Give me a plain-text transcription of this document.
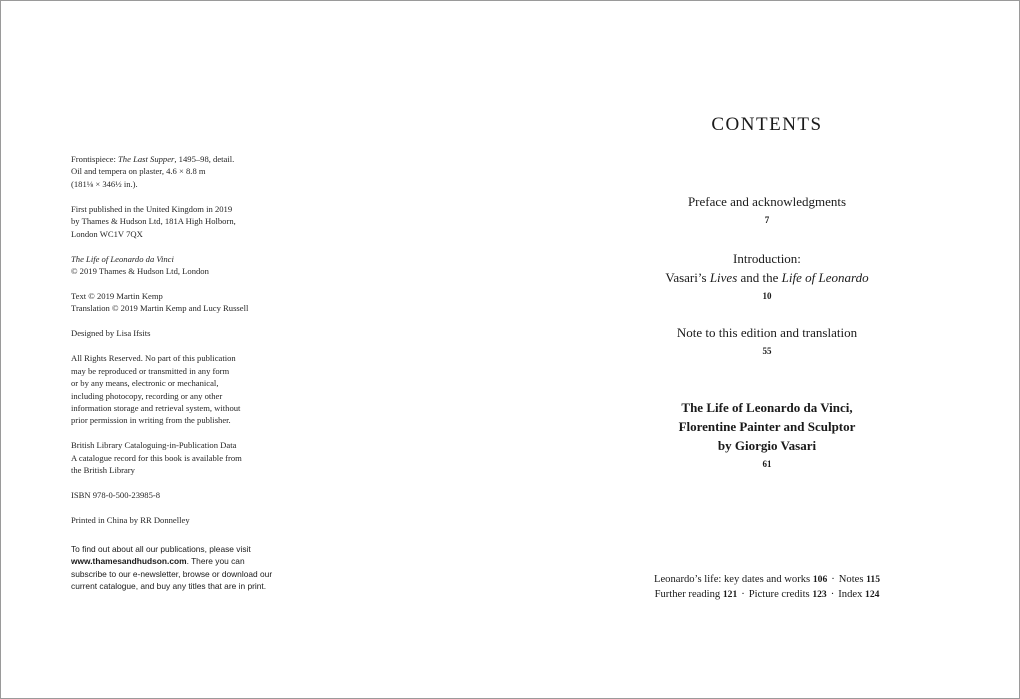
Frontispiece: The Last Supper, 1495–98, detail.
Oil and tempera on plaster, 4.6 × 8.8 m
(181⅛ × 346½ in.).
First published in the United Kingdom in 2019
by Thames & Hudson Ltd, 181A High Holborn,
London WC1V 7QX
The Life of Leonardo da Vinci
© 2019 Thames & Hudson Ltd, London
Text © 2019 Martin Kemp
Translation © 2019 Martin Kemp and Lucy Russell
Designed by Lisa Ifsits
All Rights Reserved. No part of this publication
may be reproduced or transmitted in any form
or by any means, electronic or mechanical,
including photocopy, recording or any other
information storage and retrieval system, without
prior permission in writing from the publisher.
British Library Cataloguing-in-Publication Data
A catalogue record for this book is available from
the British Library
ISBN 978-0-500-23985-8
Printed in China by RR Donnelley
To find out about all our publications, please visit
www.thamesandhudson.com. There you can
subscribe to our e-newsletter, browse or download our
current catalogue, and buy any titles that are in print.
CONTENTS
Preface and acknowledgments
7
Introduction:
Vasari’s Lives and the Life of Leonardo
10
Note to this edition and translation
55
The Life of Leonardo da Vinci,
Florentine Painter and Sculptor
by Giorgio Vasari
61
Leonardo’s life: key dates and works 106 · Notes 115
Further reading 121 · Picture credits 123 · Index 124
